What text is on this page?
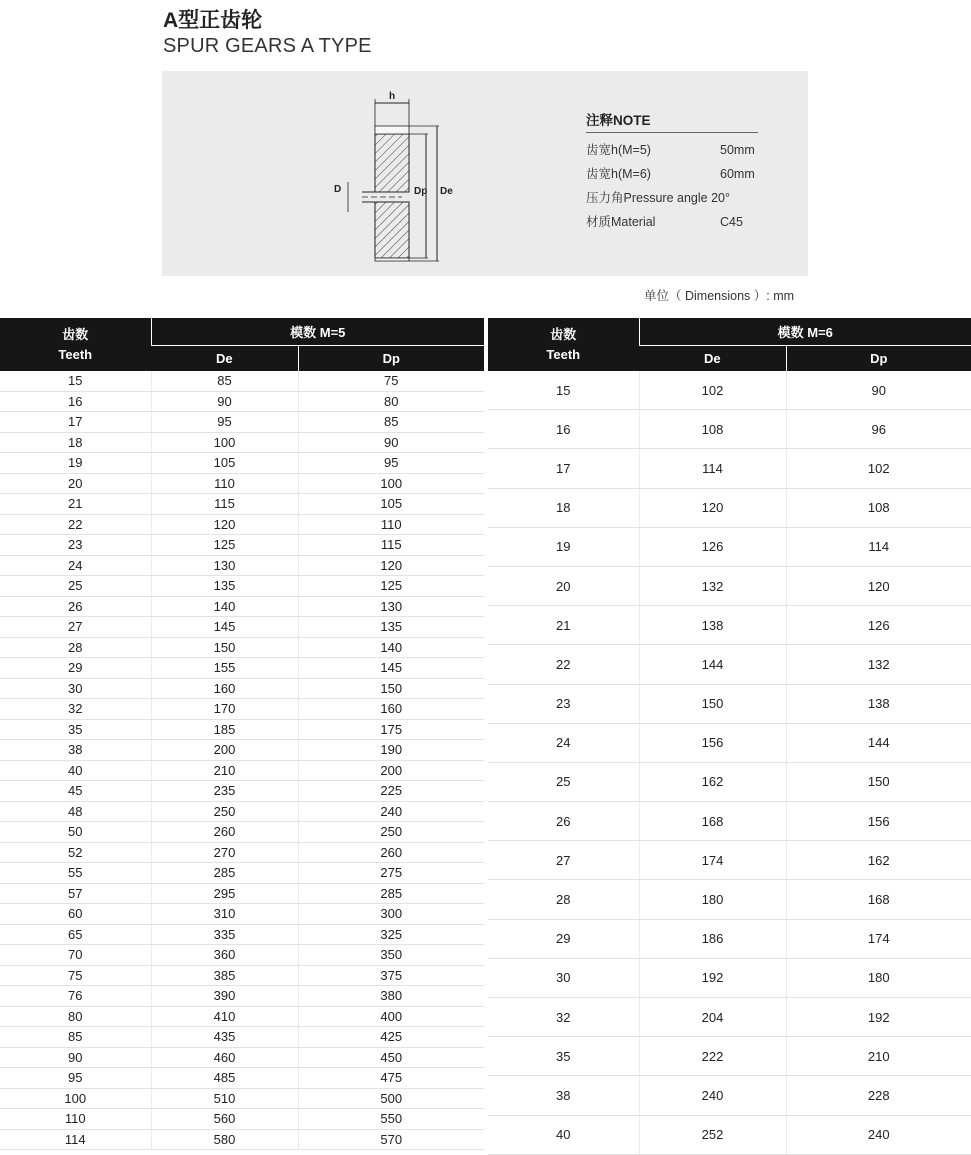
A型正齿轮
SPUR GEARS A TYPE
h
D	Dp De
注释NOTE
齿宽h(M=5)	50mm
齿宽h(M=6)	60mm
压力角Pressure angle 20°
材质Material	C45
单位（ Dimensions ）: mm
齿数
Teeth	模数 M=5	
	De	Dp
15	85	75
16	90	80
17	95	85
18	100	90
19	105	95
20	110	100
21	115	105
22	120	110
23	125	115
24	130	120
25	135	125
26	140	130
27	145	135
28	150	140
29	155	145
30	160	150
32	170	160
35	185	175
38	200	190
40	210	200
45	235	225
48	250	240
50	260	250
52	270	260
55	285	275
57	295	285
60	310	300
65	335	325
70	360	350
75	385	375
76	390	380
80	410	400
85	435	425
90	460	450
95	485	475
100	510	500
110	560	550
114	580	570
齿数
Teeth	模数 M=6	
	De	Dp
15	102	90
16	108	96
17	114	102
18	120	108
19	126	114
20	132	120
21	138	126
22	144	132
23	150	138
24	156	144
25	162	150
26	168	156
27	174	162
28	180	168
29	186	174
30	192	180
32	204	192
35	222	210
38	240	228
40	252	240
